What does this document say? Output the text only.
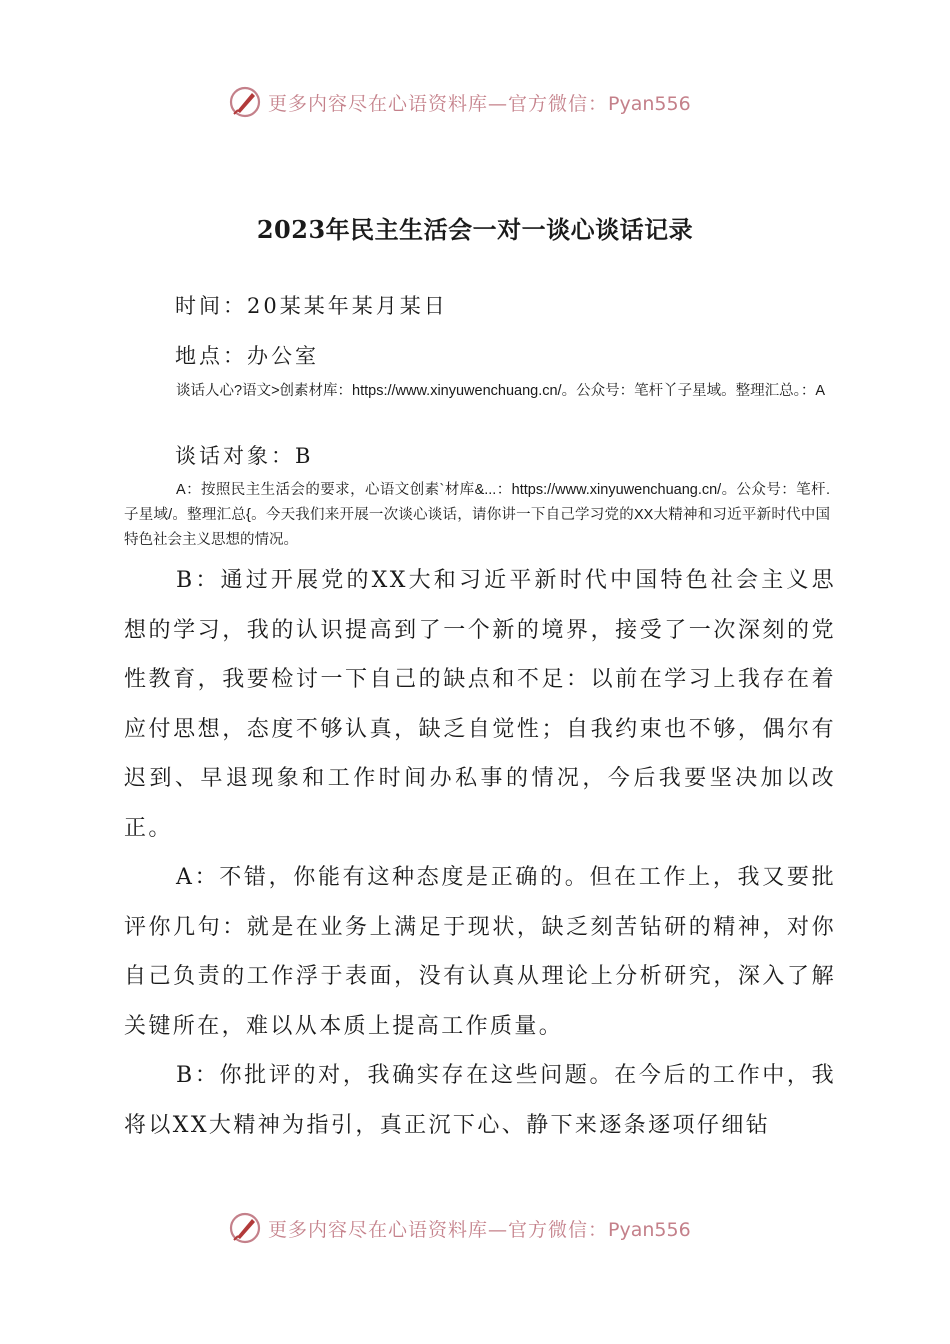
更多内容尽在心语资料库—官方微信：Pyan556
2023年民主生活会一对一谈心谈话记录
时间：20某某年某月某日
地点：办公室
谈话人心?语文>创素材库：https://www.xinyuwenchuang.cn/。公众号：笔杆丫子星域。整理汇总。：A
谈话对象：B
A：按照民主生活会的要求，心语文创素`材库&...：https://www.xinyuwenchuang.cn/。公众号：笔杆.子星域/。整理汇总{。今天我们来开展一次谈心谈话，请你讲一下自己学习党的XX大精神和习近平新时代中国特色社会主义思想的情况。
B：通过开展党的XX大和习近平新时代中国特色社会主义思想的学习，我的认识提高到了一个新的境界，接受了一次深刻的党性教育，我要检讨一下自己的缺点和不足：以前在学习上我存在着应付思想，态度不够认真，缺乏自觉性；自我约束也不够，偶尔有迟到、早退现象和工作时间办私事的情况，今后我要坚决加以改正。
A：不错，你能有这种态度是正确的。但在工作上，我又要批评你几句：就是在业务上满足于现状，缺乏刻苦钻研的精神，对你自己负责的工作浮于表面，没有认真从理论上分析研究，深入了解关键所在，难以从本质上提高工作质量。
B：你批评的对，我确实存在这些问题。在今后的工作中，我将以XX大精神为指引，真正沉下心、静下来逐条逐项仔细钻
更多内容尽在心语资料库—官方微信：Pyan556
